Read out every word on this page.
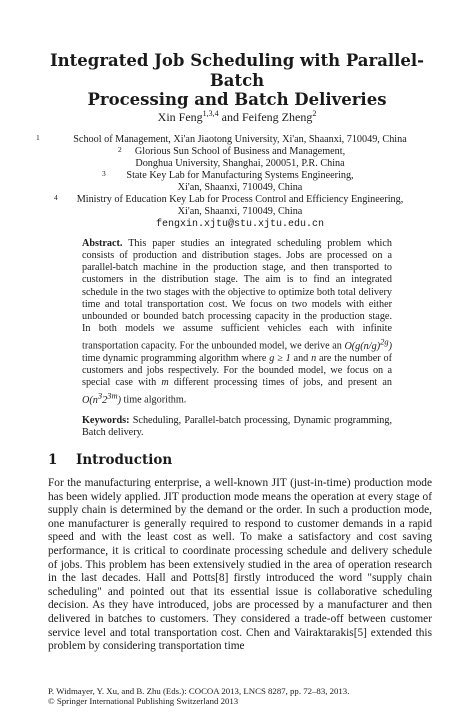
Integrated Job Scheduling with Parallel-Batch
Processing and Batch Deliveries
Xin Feng$^{1,3,4}$ and Feifeng Zheng$^2$
1	School of Management, Xi'an Jiaotong University, Xi'an, Shaanxi, 710049, China
2	Glorious Sun School of Business and Management,
Donghua University, Shanghai, 200051, P.R. China
3	State Key Lab for Manufacturing Systems Engineering,
Xi'an, Shaanxi, 710049, China
4	Ministry of Education Key Lab for Process Control and Efficiency Engineering,
Xi'an, Shaanxi, 710049, China
fengxin.xjtu@stu.xjtu.edu.cn
Abstract. This paper studies an integrated scheduling problem which consists of production and distribution stages. Jobs are processed on a parallel-batch machine in the production stage, and then transported to customers in the distribution stage. The aim is to find an integrated schedule in the two stages with the objective to optimize both total delivery time and total transportation cost. We focus on two models with either unbounded or bounded batch processing capacity in the production stage. In both models we assume sufficient vehicles each with infinite transportation capacity. For the unbounded model, we derive an $O(g(n/g)^{2g})$ time dynamic programming algorithm where g ≥ 1 and n are the number of customers and jobs respectively. For the bounded model, we focus on a special case with m different processing times of jobs, and present an $O(n^32^{3m})$ time algorithm.
Keywords: Scheduling, Parallel-batch processing, Dynamic programming, Batch delivery.
1 Introduction
For the manufacturing enterprise, a well-known JIT (just-in-time) production mode has been widely applied. JIT production mode means the operation at every stage of supply chain is determined by the demand or the order. In such a production mode, one manufacturer is generally required to respond to customer demands in a rapid speed and with the least cost as well. To make a satisfactory and cost saving performance, it is critical to coordinate processing schedule and delivery schedule of jobs. This problem has been extensively studied in the area of operation research in the last decades. Hall and Potts[8] firstly introduced the word "supply chain scheduling" and pointed out that its essential issue is collaborative scheduling decision. As they have introduced, jobs are processed by a manufacturer and then delivered in batches to customers. They considered a trade-off between customer service level and total transportation cost. Chen and Vairaktarakis[5] extended this problem by considering transportation time
P. Widmayer, Y. Xu, and B. Zhu (Eds.): COCOA 2013, LNCS 8287, pp. 72–83, 2013.
© Springer International Publishing Switzerland 2013
